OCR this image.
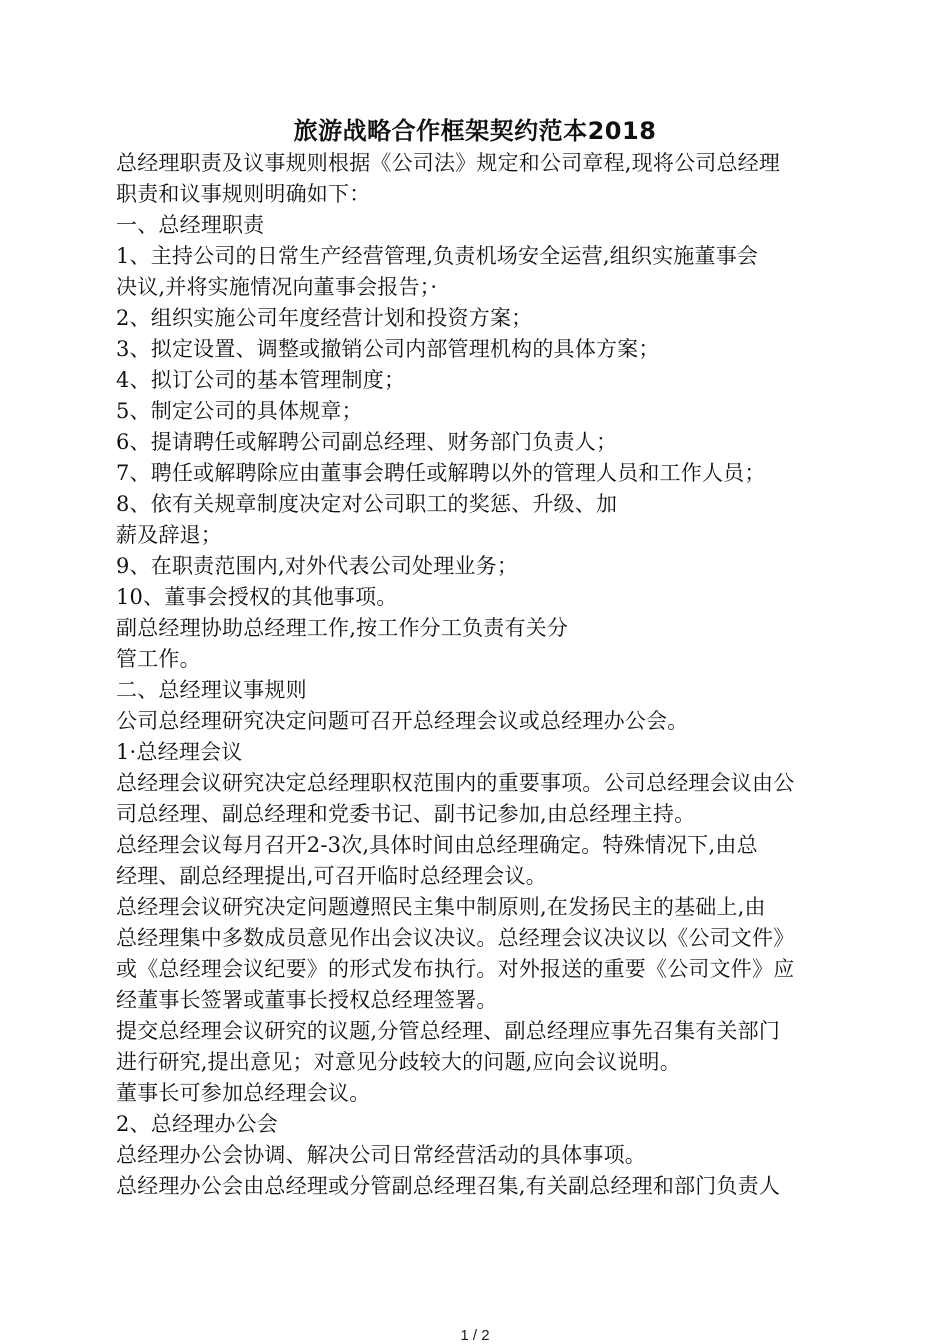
旅游战略合作框架契约范本2018
总经理职责及议事规则根据《公司法》规定和公司章程,现将公司总经理
职责和议事规则明确如下：
一、总经理职责
1、主持公司的日常生产经营管理,负责机场安全运营,组织实施董事会
决议,并将实施情况向董事会报告；·
2、组织实施公司年度经营计划和投资方案；
3、拟定设置、调整或撤销公司内部管理机构的具体方案；
4、拟订公司的基本管理制度；
5、制定公司的具体规章；
6、提请聘任或解聘公司副总经理、财务部门负责人；
7、聘任或解聘除应由董事会聘任或解聘以外的管理人员和工作人员；
8、依有关规章制度决定对公司职工的奖惩、升级、加
薪及辞退；
9、在职责范围内,对外代表公司处理业务；
10、董事会授权的其他事项。
副总经理协助总经理工作,按工作分工负责有关分
管工作。
二、总经理议事规则
公司总经理研究决定问题可召开总经理会议或总经理办公会。
1·总经理会议
总经理会议研究决定总经理职权范围内的重要事项。公司总经理会议由公
司总经理、副总经理和党委书记、副书记参加,由总经理主持。
总经理会议每月召开2-3次,具体时间由总经理确定。特殊情况下,由总
经理、副总经理提出,可召开临时总经理会议。
总经理会议研究决定问题遵照民主集中制原则,在发扬民主的基础上,由
总经理集中多数成员意见作出会议决议。总经理会议决议以《公司文件》
或《总经理会议纪要》的形式发布执行。对外报送的重要《公司文件》应
经董事长签署或董事长授权总经理签署。
提交总经理会议研究的议题,分管总经理、副总经理应事先召集有关部门
进行研究,提出意见；对意见分歧较大的问题,应向会议说明。
董事长可参加总经理会议。
2、总经理办公会
总经理办公会协调、解决公司日常经营活动的具体事项。
总经理办公会由总经理或分管副总经理召集,有关副总经理和部门负责人
1 / 2
